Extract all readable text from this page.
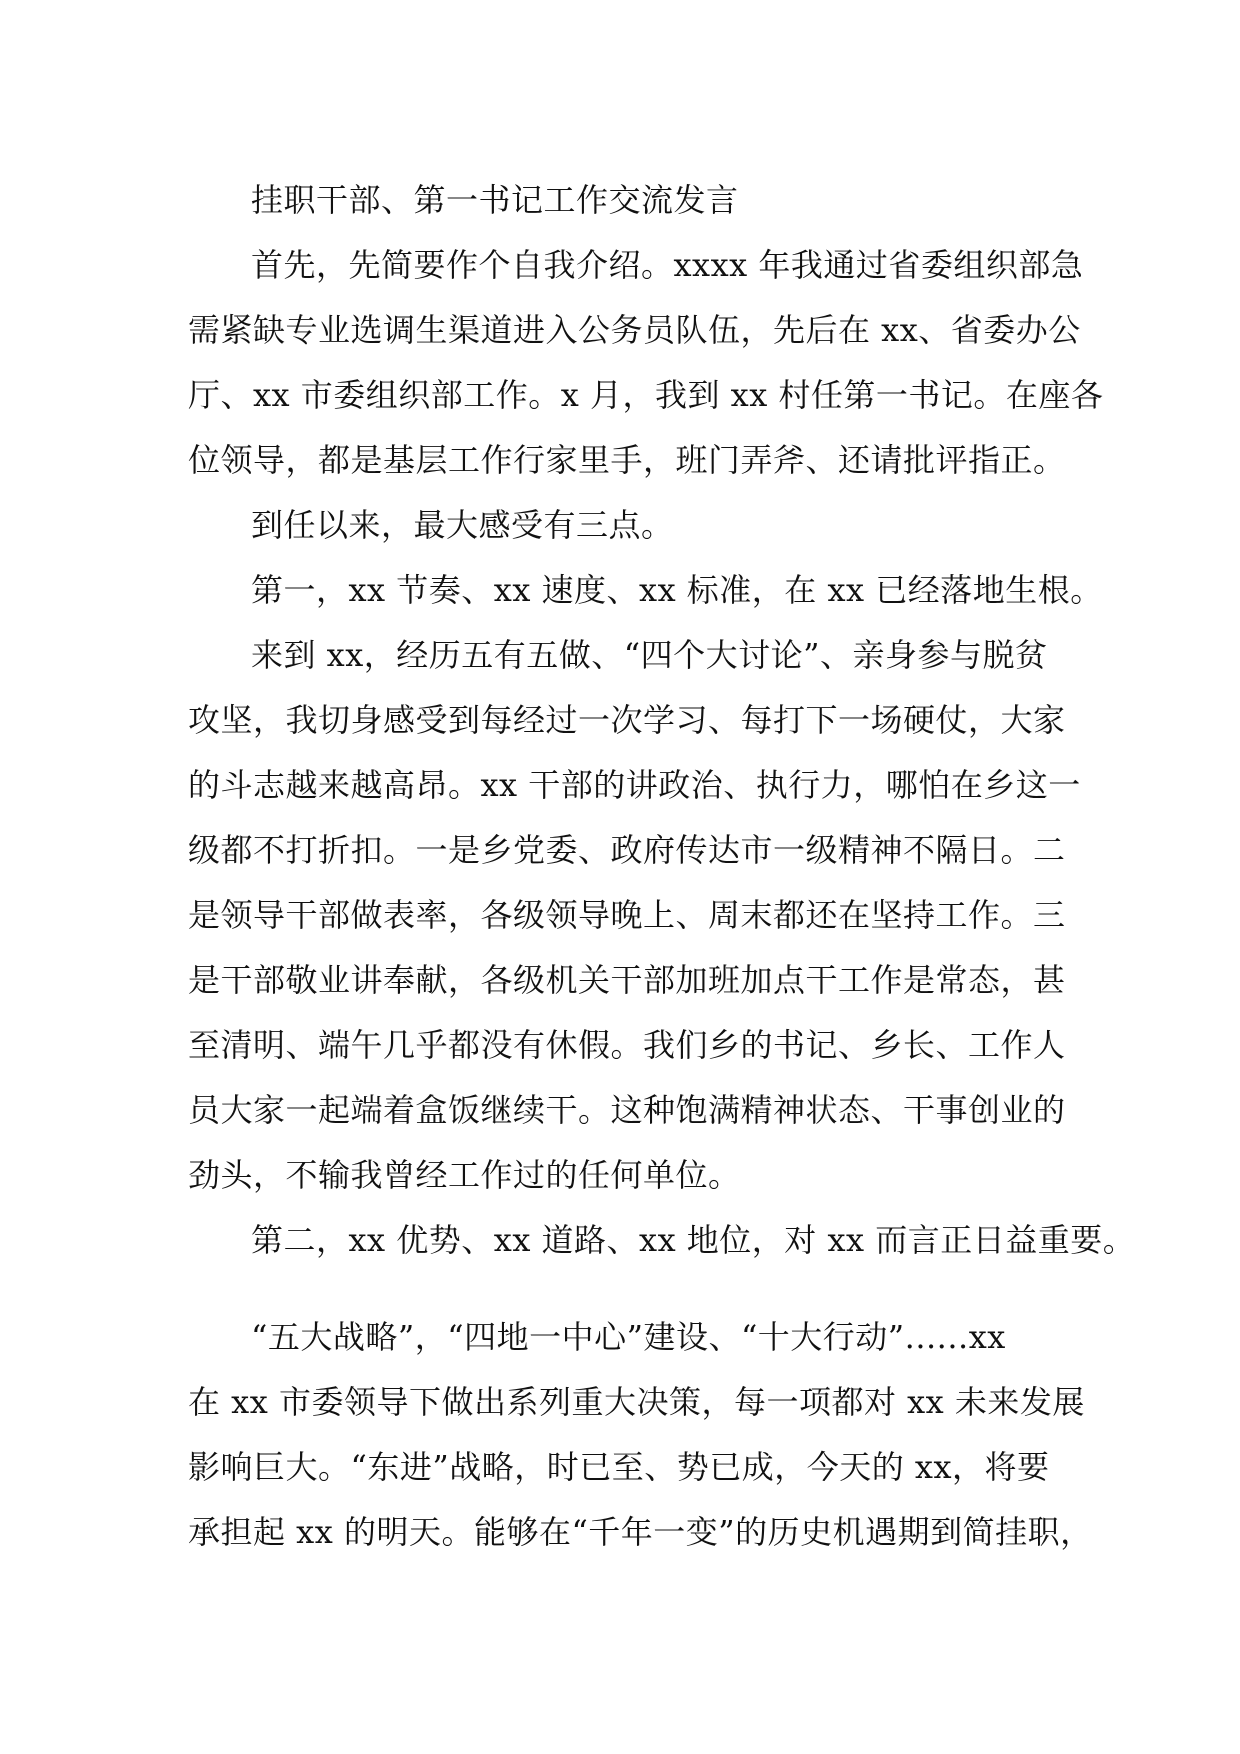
挂职干部、第一书记工作交流发言
首先，先简要作个自我介绍。xxxx 年我通过省委组织部急
需紧缺专业选调生渠道进入公务员队伍，先后在 xx、省委办公
厅、xx 市委组织部工作。x 月，我到 xx 村任第一书记。在座各
位领导，都是基层工作行家里手，班门弄斧、还请批评指正。
到任以来，最大感受有三点。
第一，xx 节奏、xx 速度、xx 标准，在 xx 已经落地生根。
来到 xx，经历五有五做、“四个大讨论”、亲身参与脱贫
攻坚，我切身感受到每经过一次学习、每打下一场硬仗，大家
的斗志越来越高昂。xx 干部的讲政治、执行力，哪怕在乡这一
级都不打折扣。一是乡党委、政府传达市一级精神不隔日。二
是领导干部做表率，各级领导晚上、周末都还在坚持工作。三
是干部敬业讲奉献，各级机关干部加班加点干工作是常态，甚
至清明、端午几乎都没有休假。我们乡的书记、乡长、工作人
员大家一起端着盒饭继续干。这种饱满精神状态、干事创业的
劲头，不输我曾经工作过的任何单位。
第二，xx 优势、xx 道路、xx 地位，对 xx 而言正日益重要。
“五大战略”，“四地一中心”建设、“十大行动”......xx
在 xx 市委领导下做出系列重大决策，每一项都对 xx 未来发展
影响巨大。“东进”战略，时已至、势已成，今天的 xx，将要
承担起 xx 的明天。能够在“千年一变”的历史机遇期到简挂职，
